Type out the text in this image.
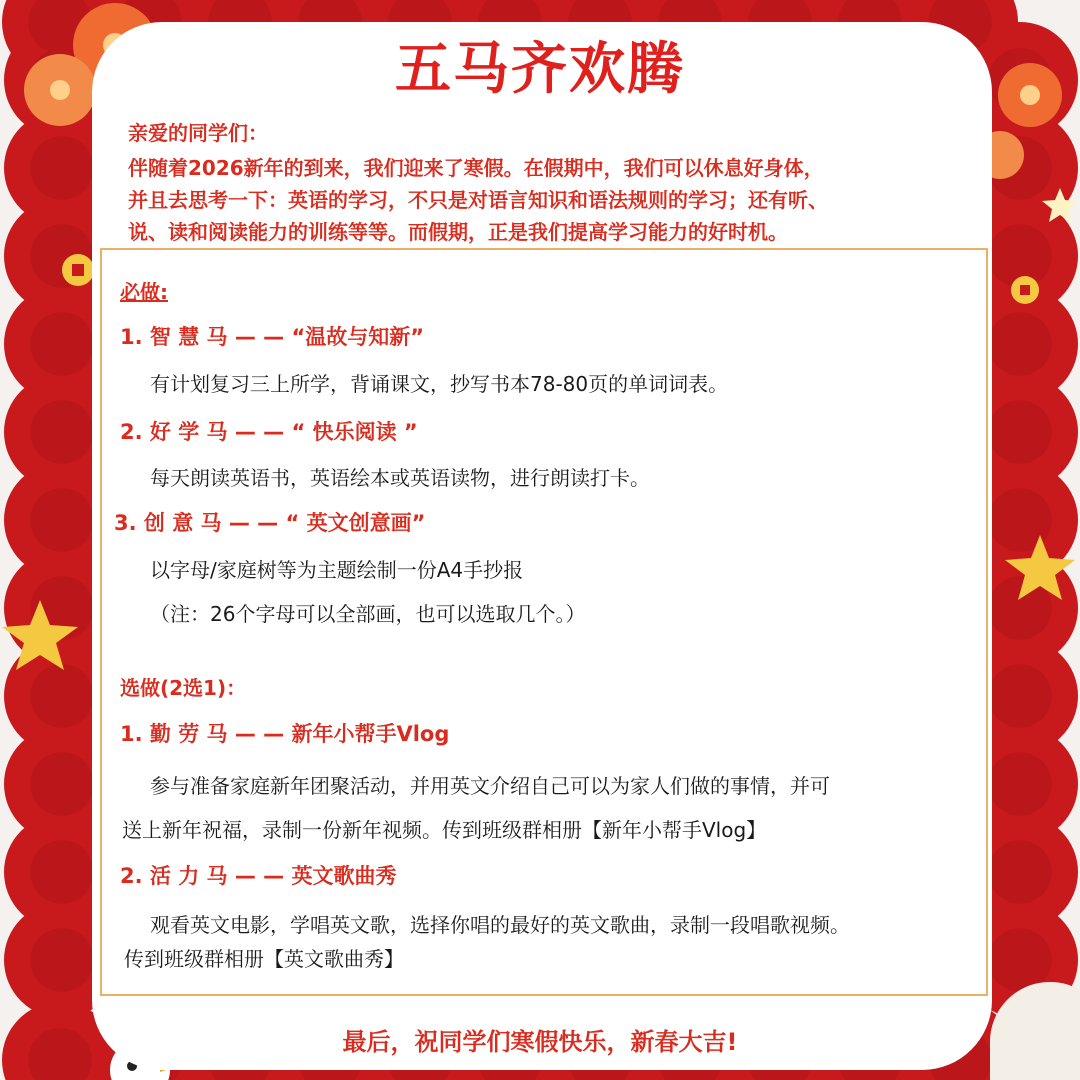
五马齐欢腾

亲爱的同学们：

伴随着2026新年的到来，我们迎来了寒假。在假期中，我们可以休息好身体，

并且去思考一下：英语的学习，不只是对语言知识和语法规则的学习；还有听、

说、读和阅读能力的训练等等。而假期，正是我们提高学习能力的好时机。

必做:

1. 智 慧 马 — — “温故与知新”

有计划复习三上所学，背诵课文，抄写书本78-80页的单词词表。

2. 好 学 马 — — “ 快乐阅读 ”

每天朗读英语书，英语绘本或英语读物，进行朗读打卡。

3. 创 意 马 — — “ 英文创意画”

以字母/家庭树等为主题绘制一份A4手抄报

（注：26个字母可以全部画，也可以选取几个。）

选做(2选1)：

1. 勤 劳 马 — — 新年小帮手Vlog

参与准备家庭新年团聚活动，并用英文介绍自己可以为家人们做的事情，并可

送上新年祝福，录制一份新年视频。传到班级群相册【新年小帮手Vlog】

2. 活 力 马 — — 英文歌曲秀

观看英文电影，学唱英文歌，选择你唱的最好的英文歌曲，录制一段唱歌视频。

传到班级群相册【英文歌曲秀】

最后，祝同学们寒假快乐，新春大吉!
